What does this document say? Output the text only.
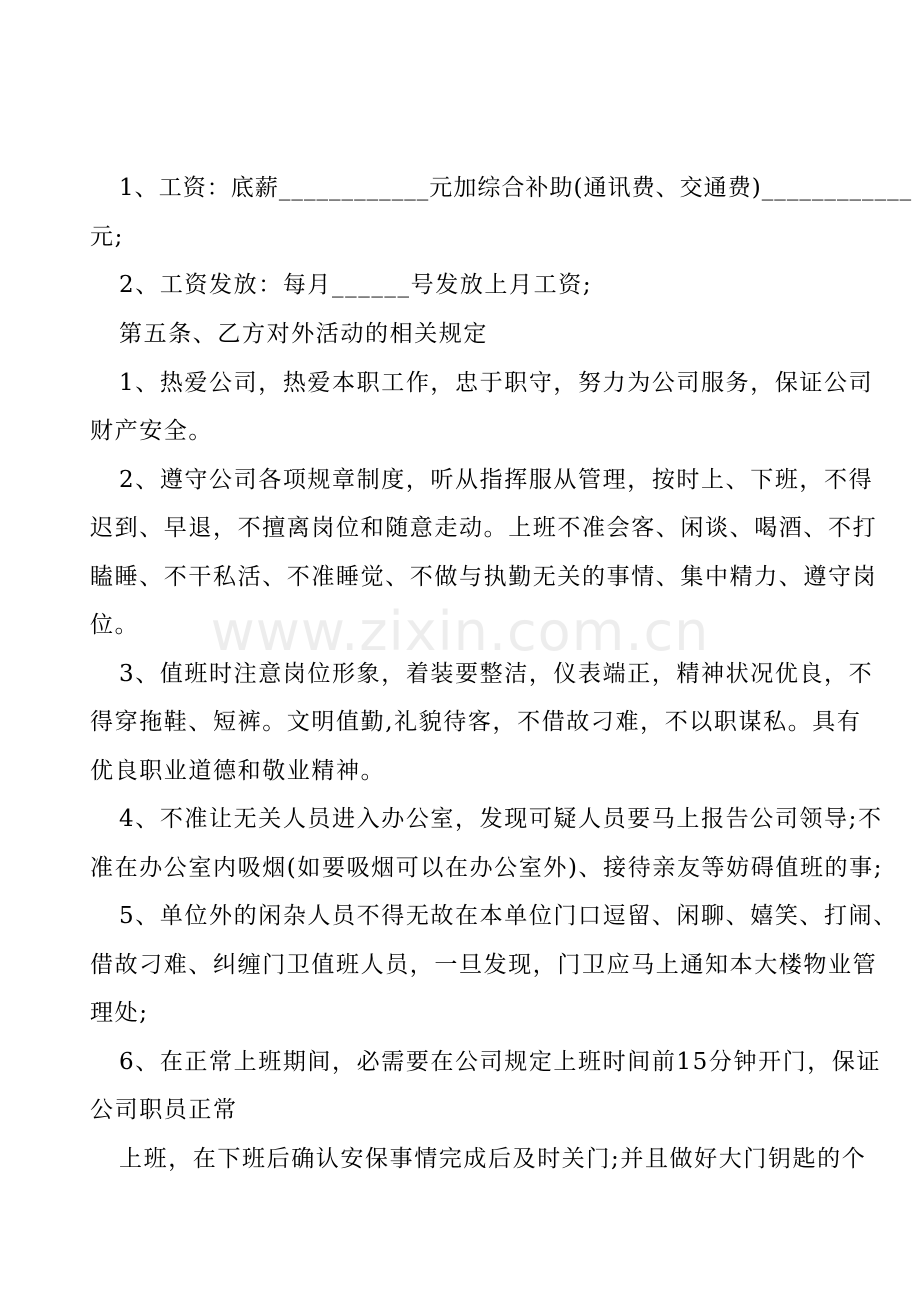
www.zixin.com.cn
1、工资：底薪____________元加综合补助(通讯费、交通费)____________
元;
2、工资发放：每月______号发放上月工资;
第五条、乙方对外活动的相关规定
1、热爱公司，热爱本职工作，忠于职守，努力为公司服务，保证公司
财产安全。
2、遵守公司各项规章制度，听从指挥服从管理，按时上、下班，不得
迟到、早退，不擅离岗位和随意走动。上班不准会客、闲谈、喝酒、不打
瞌睡、不干私活、不准睡觉、不做与执勤无关的事情、集中精力、遵守岗
位。
3、值班时注意岗位形象，着装要整洁，仪表端正，精神状况优良，不
得穿拖鞋、短裤。文明值勤,礼貌待客，不借故刁难，不以职谋私。具有
优良职业道德和敬业精神。
4、不准让无关人员进入办公室，发现可疑人员要马上报告公司领导;不
准在办公室内吸烟(如要吸烟可以在办公室外)、接待亲友等妨碍值班的事;
5、单位外的闲杂人员不得无故在本单位门口逗留、闲聊、嬉笑、打闹、
借故刁难、纠缠门卫值班人员，一旦发现，门卫应马上通知本大楼物业管
理处;
6、在正常上班期间，必需要在公司规定上班时间前15分钟开门，保证
公司职员正常
上班，在下班后确认安保事情完成后及时关门;并且做好大门钥匙的个
